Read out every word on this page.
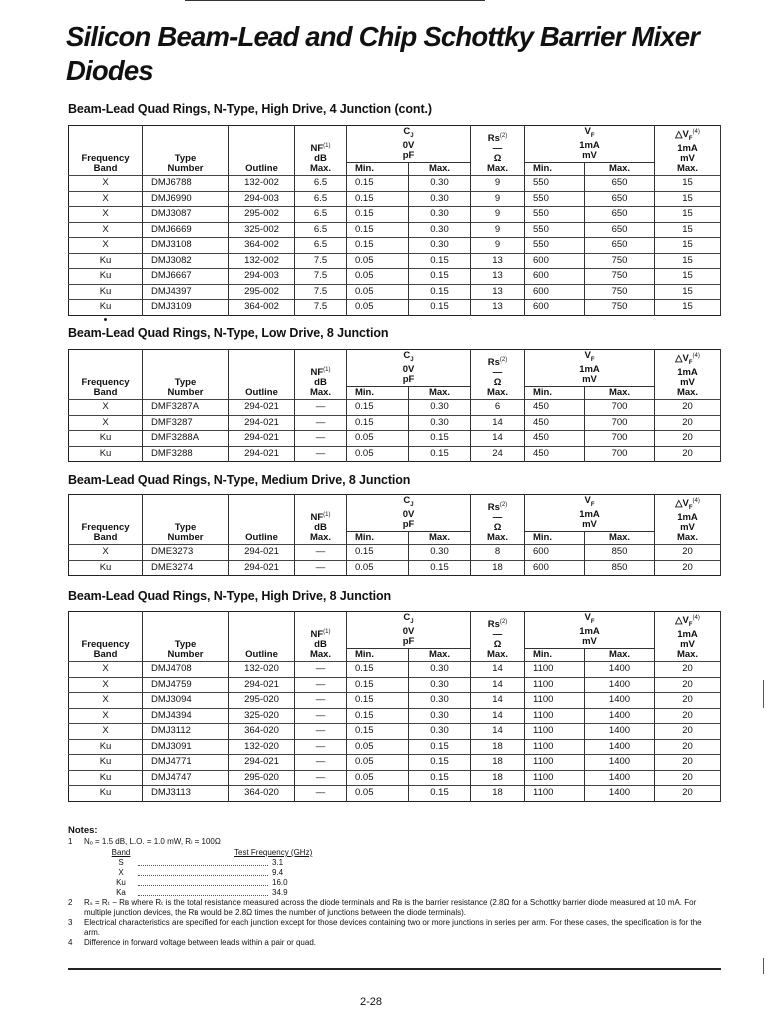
Silicon Beam-Lead and Chip Schottky Barrier Mixer Diodes
Beam-Lead Quad Rings, N-Type, High Drive, 4 Junction (cont.)
Frequency
Band	Type
Number	Outline	NF$^{(1)}$
dB
Max.	$C_J$
0V
pF		Rs$^{(2)}$
—
Ω
Max.	$V_F$
1mA
mV		$\triangle V_F^{(4)}$
1mA
mV
Max.
				Min.	Max.		Min.	Max.	
X	DMJ6788	132-002	6.5	0.15	0.30	9	550	650	15
X	DMJ6990	294-003	6.5	0.15	0.30	9	550	650	15
X	DMJ3087	295-002	6.5	0.15	0.30	9	550	650	15
X	DMJ6669	325-002	6.5	0.15	0.30	9	550	650	15
X	DMJ3108	364-002	6.5	0.15	0.30	9	550	650	15
Ku	DMJ3082	132-002	7.5	0.05	0.15	13	600	750	15
Ku	DMJ6667	294-003	7.5	0.05	0.15	13	600	750	15
Ku	DMJ4397	295-002	7.5	0.05	0.15	13	600	750	15
Ku	DMJ3109	364-002	7.5	0.05	0.15	13	600	750	15
Beam-Lead Quad Rings, N-Type, Low Drive, 8 Junction
Frequency
Band	Type
Number	Outline	NF$^{(1)}$
dB
Max.	$C_J$
0V
pF		Rs$^{(2)}$
—
Ω
Max.	$V_F$
1mA
mV		$\triangle V_F^{(4)}$
1mA
mV
Max.
				Min.	Max.		Min.	Max.	
X	DMF3287A	294-021	—	0.15	0.30	6	450	700	20
X	DMF3287	294-021	—	0.15	0.30	14	450	700	20
Ku	DMF3288A	294-021	—	0.05	0.15	14	450	700	20
Ku	DMF3288	294-021	—	0.05	0.15	24	450	700	20
Beam-Lead Quad Rings, N-Type, Medium Drive, 8 Junction
Frequency
Band	Type
Number	Outline	NF$^{(1)}$
dB
Max.	$C_J$
0V
pF		Rs$^{(2)}$
—
Ω
Max.	$V_F$
1mA
mV		$\triangle V_F^{(4)}$
1mA
mV
Max.
				Min.	Max.		Min.	Max.	
X	DME3273	294-021	—	0.15	0.30	8	600	850	20
Ku	DME3274	294-021	—	0.05	0.15	18	600	850	20
Beam-Lead Quad Rings, N-Type, High Drive, 8 Junction
Frequency
Band	Type
Number	Outline	NF$^{(1)}$
dB
Max.	$C_J$
0V
pF		Rs$^{(2)}$
—
Ω
Max.	$V_F$
1mA
mV		$\triangle V_F^{(4)}$
1mA
mV
Max.
				Min.	Max.		Min.	Max.	
X	DMJ4708	132-020	—	0.15	0.30	14	1100	1400	20
X	DMJ4759	294-021	—	0.15	0.30	14	1100	1400	20
X	DMJ3094	295-020	—	0.15	0.30	14	1100	1400	20
X	DMJ4394	325-020	—	0.15	0.30	14	1100	1400	20
X	DMJ3112	364-020	—	0.15	0.30	14	1100	1400	20
Ku	DMJ3091	132-020	—	0.05	0.15	18	1100	1400	20
Ku	DMJ4771	294-021	—	0.05	0.15	18	1100	1400	20
Ku	DMJ4747	295-020	—	0.05	0.15	18	1100	1400	20
Ku	DMJ3113	364-020	—	0.05	0.15	18	1100	1400	20
Notes:
1 Nₒ = 1.5 dB, L.O. = 1.0 mW, Rₗ = 100Ω
Band	Test Frequency (GHz)
S	3.1
X	9.4
Ku	16.0
Ka	34.9
2 Rₛ = Rₜ − Rʙ where Rₜ is the total resistance measured across the diode terminals and Rʙ is the barrier resistance (2.8Ω for a Schottky barrier diode measured at 10 mA. For multiple junction devices, the Rʙ would be 2.8Ω times the number of junctions between the diode terminals).
3 Electrical characteristics are specified for each junction except for those devices containing two or more junctions in series per arm. For these cases, the specification is for the arm.
4 Difference in forward voltage between leads within a pair or quad.
2-28
